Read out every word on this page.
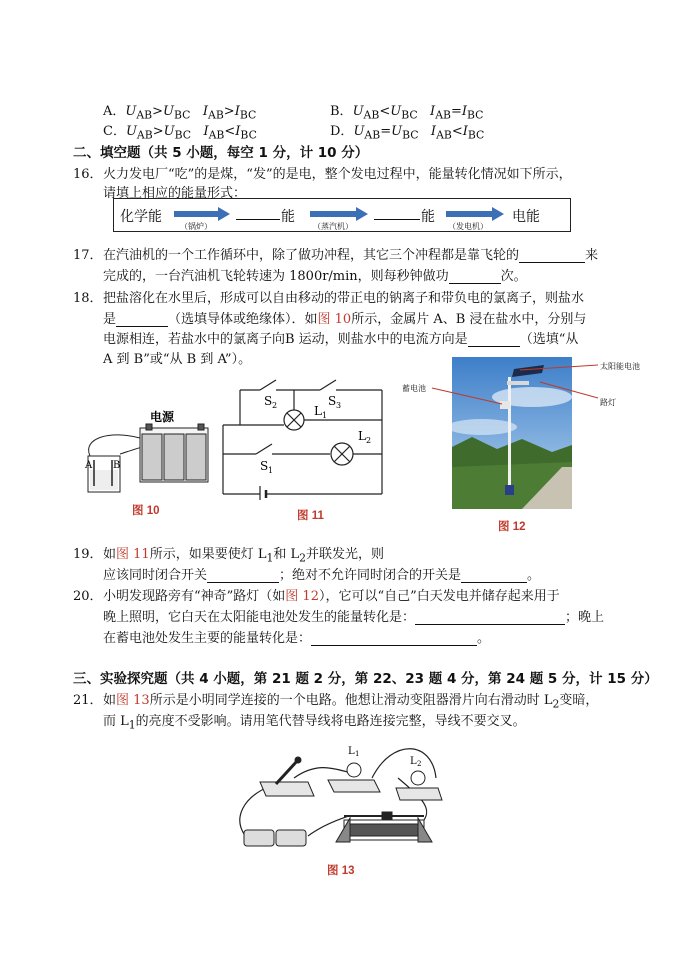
A．$U_{AB}>U_{BC}$ $I_{AB}>I_{BC}$	B．$U_{AB}<U_{BC}$ $I_{AB}=I_{BC}$
C．$U_{AB}>U_{BC}$ $I_{AB}<I_{BC}$	D．$U_{AB}=U_{BC}$ $I_{AB}<I_{BC}$
二、填空题（共 5 小题，每空 1 分，计 10 分）
16． 火力发电厂“吃”的是煤，“发”的是电，整个发电过程中，能量转化情况如下所示，
请填上相应的能量形式：
化学能
（锅炉）
能
（蒸汽机）
能
（发电机）
电能
17． 在汽油机的一个工作循环中，除了做功冲程，其它三个冲程都是靠飞轮的	来
完成的，一台汽油机飞轮转速为 1800r/min，则每秒钟做功	次。
18． 把盐溶化在水里后，形成可以自由移动的带正电的钠离子和带负电的氯离子，则盐水
是	（选填导体或绝缘体）．如图 10所示，金属片 A、B 浸在盐水中，分别与
电源相连，若盐水中的氯离子向B 运动，则盐水中的电流方向是	（选填“从
A 到 B”或“从 B 到 A”）。
电源
A B
图 10
S 2	S 3
L 1
L 2
S 1
图 11
太阳能电池
路灯
蓄电池
图 12
19． 如图 11所示，如果要使灯 $L_1$和 $L_2$并联发光，则
应该同时闭合开关	；绝对不允许同时闭合的开关是	。
20． 小明发现路旁有“神奇”路灯（如图 12），它可以“自己”白天发电并储存起来用于
晚上照明，它白天在太阳能电池处发生的能量转化是：	；晚上
在蓄电池处发生主要的能量转化是：	。
三、实验探究题（共 4 小题，第 21 题 2 分，第 22、23 题 4 分，第 24 题 5 分，计 15 分）
21． 如图 13所示是小明同学连接的一个电路。他想让滑动变阻器滑片向右滑动时 $L_2$变暗，
而 $L_1$的亮度不受影响。请用笔代替导线将电路连接完整，导线不要交叉。
L 1
L 2
图 13
